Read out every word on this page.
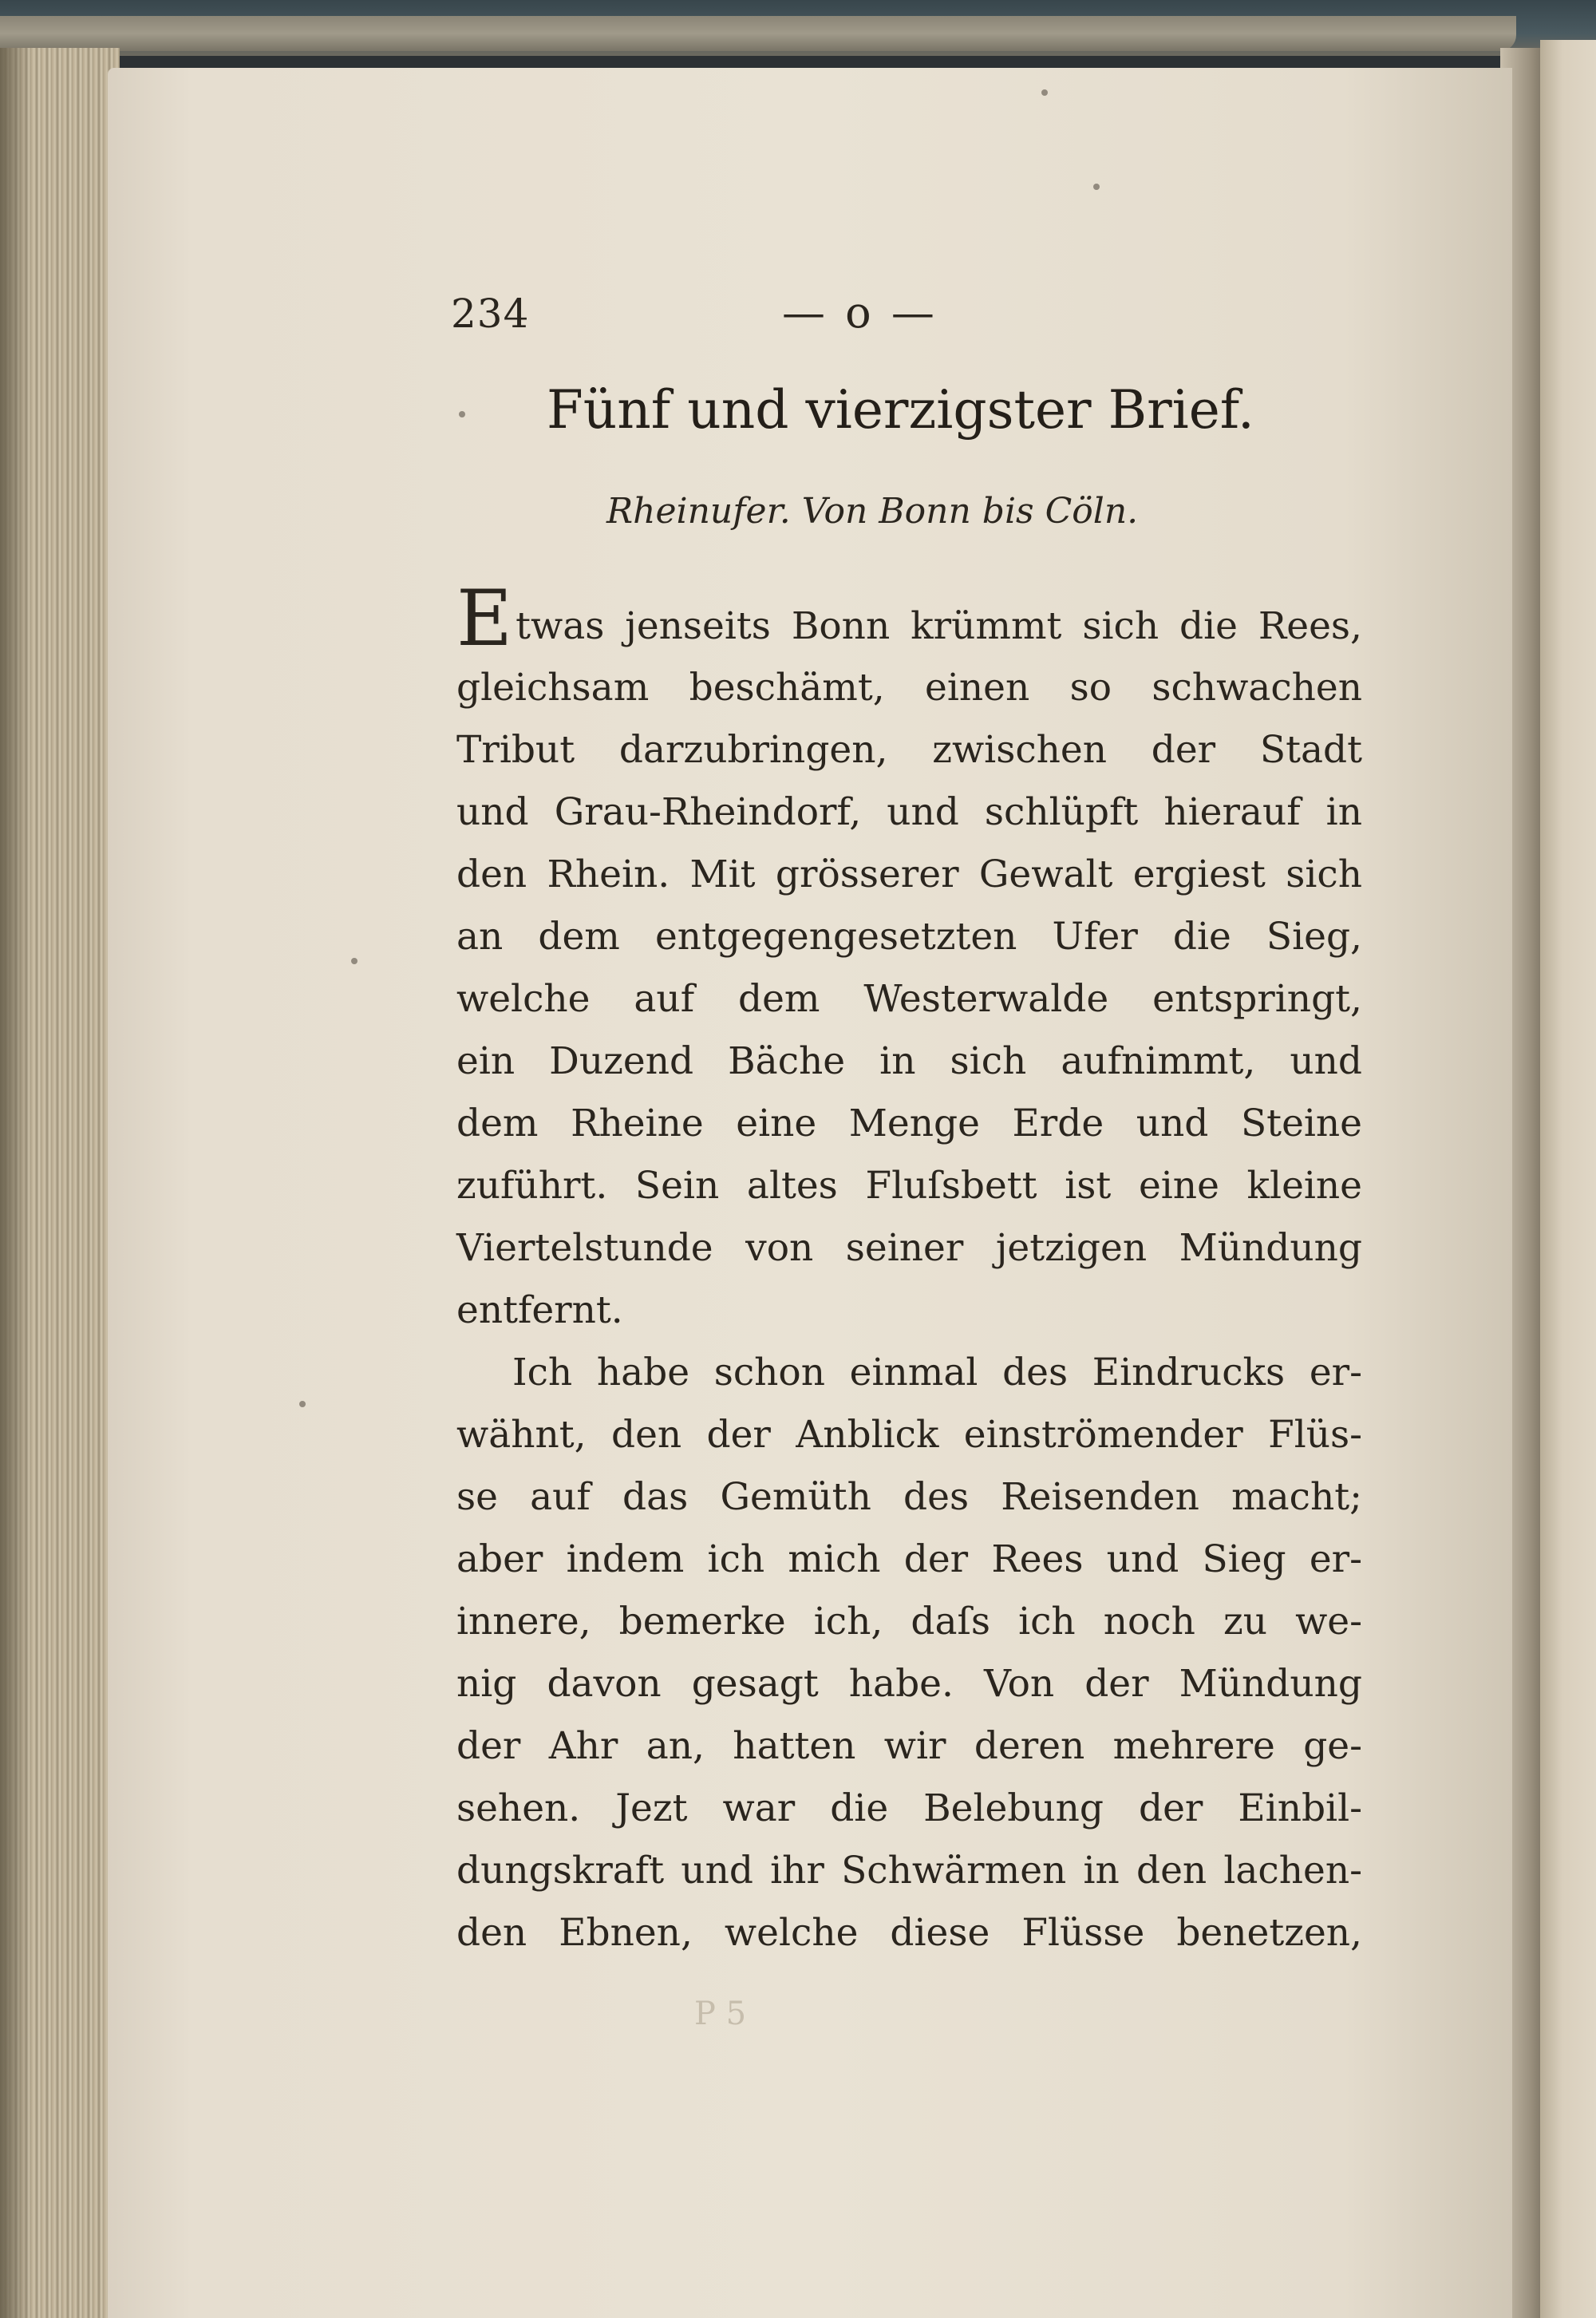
234	— o —
Fünf und vierzigster Brief.
Rheinufer. Von Bonn bis Cöln.
Etwas jenseits Bonn krümmt sich die Rees,
gleichsam beschämt, einen so schwachen
Tribut darzubringen, zwischen der Stadt
und Grau-Rheindorf, und schlüpft hierauf in
den Rhein. Mit grösserer Gewalt ergiest sich
an dem entgegengesetzten Ufer die Sieg,
welche auf dem Westerwalde entspringt,
ein Duzend Bäche in sich aufnimmt, und
dem Rheine eine Menge Erde und Steine
zuführt. Sein altes Fluſsbett ist eine kleine
Viertelstunde von seiner jetzigen Mündung
entfernt.
Ich habe schon einmal des Eindrucks er-
wähnt, den der Anblick einströmender Flüs-
se auf das Gemüth des Reisenden macht;
aber indem ich mich der Rees und Sieg er-
innere, bemerke ich, daſs ich noch zu we-
nig davon gesagt habe. Von der Mündung
der Ahr an, hatten wir deren mehrere ge-
sehen. Jezt war die Belebung der Einbil-
dungskraft und ihr Schwärmen in den lachen-
den Ebnen, welche diese Flüsse benetzen,
P 5
